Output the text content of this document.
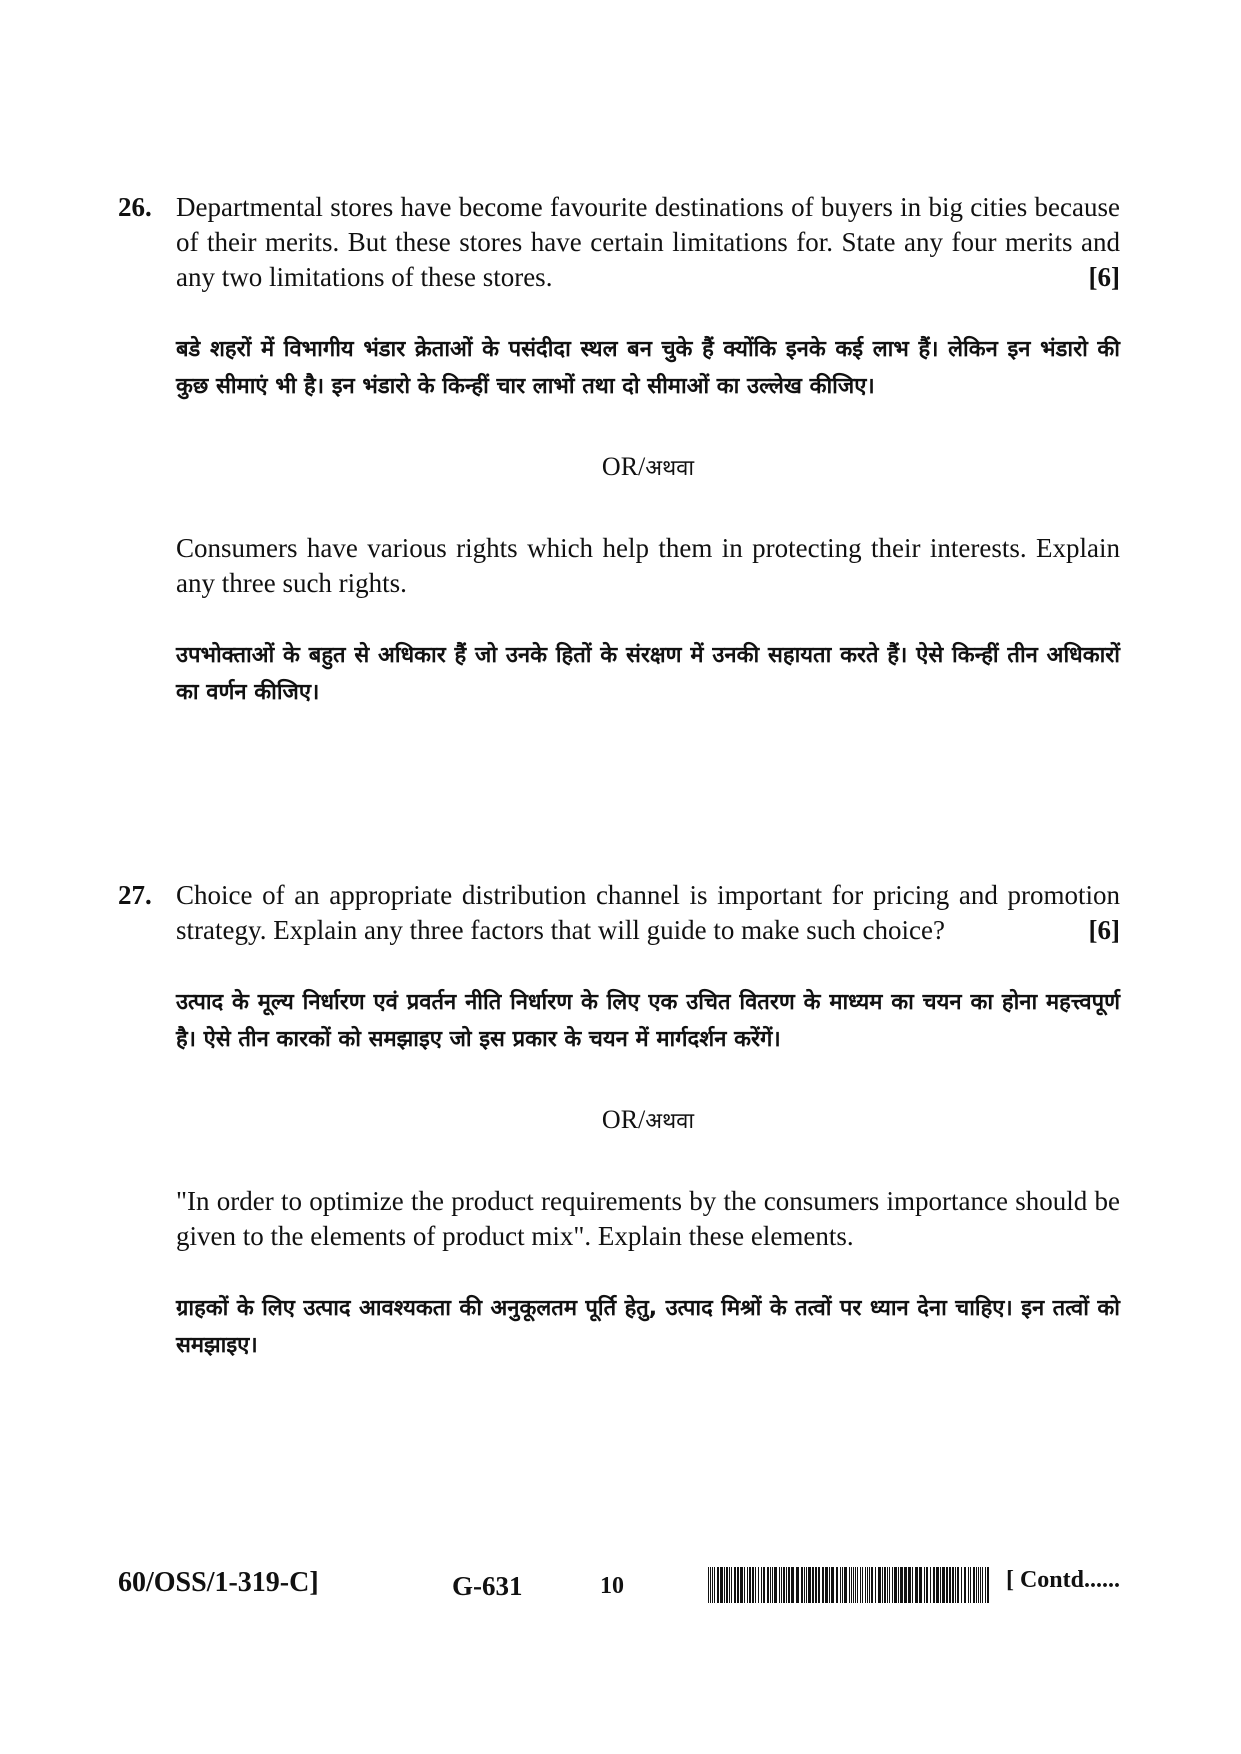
26. Departmental stores have become favourite destinations of buyers in big cities because of their merits. But these stores have certain limitations for. State any four merits and any two limitations of these stores.	[6]

बडे शहरों में विभागीय भंडार क्रेताओं के पसंदीदा स्थल बन चुके हैं क्योंकि इनके कई लाभ हैं। लेकिन इन भंडारो की कुछ सीमाएं भी है। इन भंडारो के किन्हीं चार लाभों तथा दो सीमाओं का उल्लेख कीजिए।

OR/अथवा

Consumers have various rights which help them in protecting their interests. Explain any three such rights.

उपभोक्ताओं के बहुत से अधिकार हैं जो उनके हितों के संरक्षण में उनकी सहायता करते हैं। ऐसे किन्हीं तीन अधिकारों का वर्णन कीजिए।

27. Choice of an appropriate distribution channel is important for pricing and promotion strategy. Explain any three factors that will guide to make such choice?	[6]

उत्पाद के मूल्य निर्धारण एवं प्रवर्तन नीति निर्धारण के लिए एक उचित वितरण के माध्यम का चयन का होना महत्त्वपूर्ण है। ऐसे तीन कारकों को समझाइए जो इस प्रकार के चयन में मार्गदर्शन करेंगें।

OR/अथवा

"In order to optimize the product requirements by the consumers importance should be given to the elements of product mix". Explain these elements.

ग्राहकों के लिए उत्पाद आवश्यकता की अनुकूलतम पूर्ति हेतु, उत्पाद मिश्रों के तत्वों पर ध्यान देना चाहिए। इन तत्वों को समझाइए।

60/OSS/1-319-C]	G-631	10	[ Contd......
